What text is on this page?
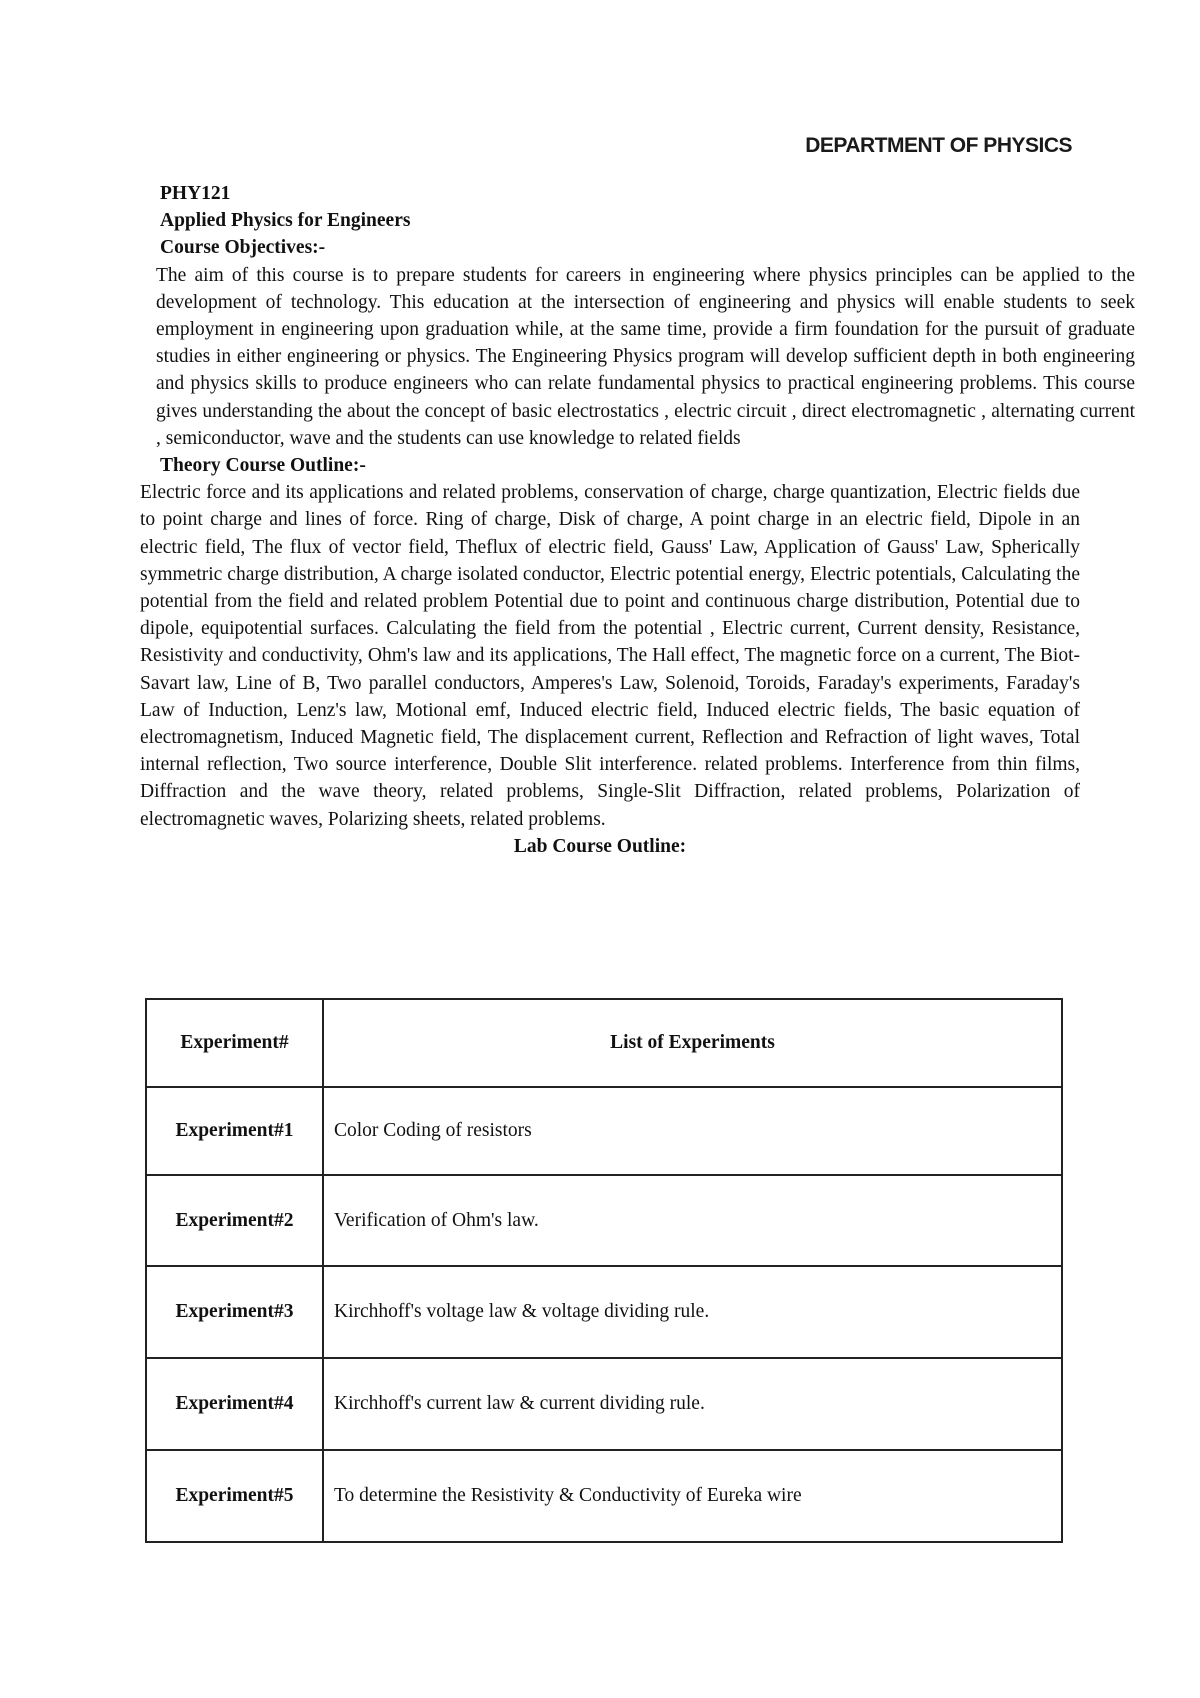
DEPARTMENT OF PHYSICS

PHY121

Applied Physics for Engineers

Course Objectives:-

The aim of this course is to prepare students for careers in engineering where physics principles can be applied to the development of technology. This education at the intersection of engineering and physics will enable students to seek employment in engineering upon graduation while, at the same time, provide a firm foundation for the pursuit of graduate studies in either engineering or physics. The Engineering Physics program will develop sufficient depth in both engineering and physics skills to produce engineers who can relate fundamental physics to practical engineering problems. This course gives understanding the about the concept of basic electrostatics , electric circuit , direct electromagnetic , alternating current , semiconductor, wave and the students can use knowledge to related fields

Theory Course Outline:-

Electric force and its applications and related problems, conservation of charge, charge quantization, Electric fields due to point charge and lines of force. Ring of charge, Disk of charge, A point charge in an electric field, Dipole in an electric field, The flux of vector field, Theflux of electric field, Gauss' Law, Application of Gauss' Law, Spherically symmetric charge distribution, A charge isolated conductor, Electric potential energy, Electric potentials, Calculating the potential from the field and related problem Potential due to point and continuous charge distribution, Potential due to dipole, equipotential surfaces. Calculating the field from the potential , Electric current, Current density, Resistance, Resistivity and conductivity, Ohm's law and its applications, The Hall effect, The magnetic force on a current, The Biot- Savart law, Line of B, Two parallel conductors, Amperes's Law, Solenoid, Toroids, Faraday's experiments, Faraday's Law of Induction, Lenz's law, Motional emf, Induced electric field, Induced electric fields, The basic equation of electromagnetism, Induced Magnetic field, The displacement current, Reflection and Refraction of light waves, Total internal reflection, Two source interference, Double Slit interference. related problems. Interference from thin films, Diffraction and the wave theory, related problems, Single-Slit Diffraction, related problems, Polarization of electromagnetic waves, Polarizing sheets, related problems.

Lab Course Outline:

Experiment#	List of Experiments
Experiment#1	Color Coding of resistors
Experiment#2	Verification of Ohm's law.
Experiment#3	Kirchhoff's voltage law & voltage dividing rule.
Experiment#4	Kirchhoff's current law & current dividing rule.
Experiment#5	To determine the Resistivity & Conductivity of Eureka wire
